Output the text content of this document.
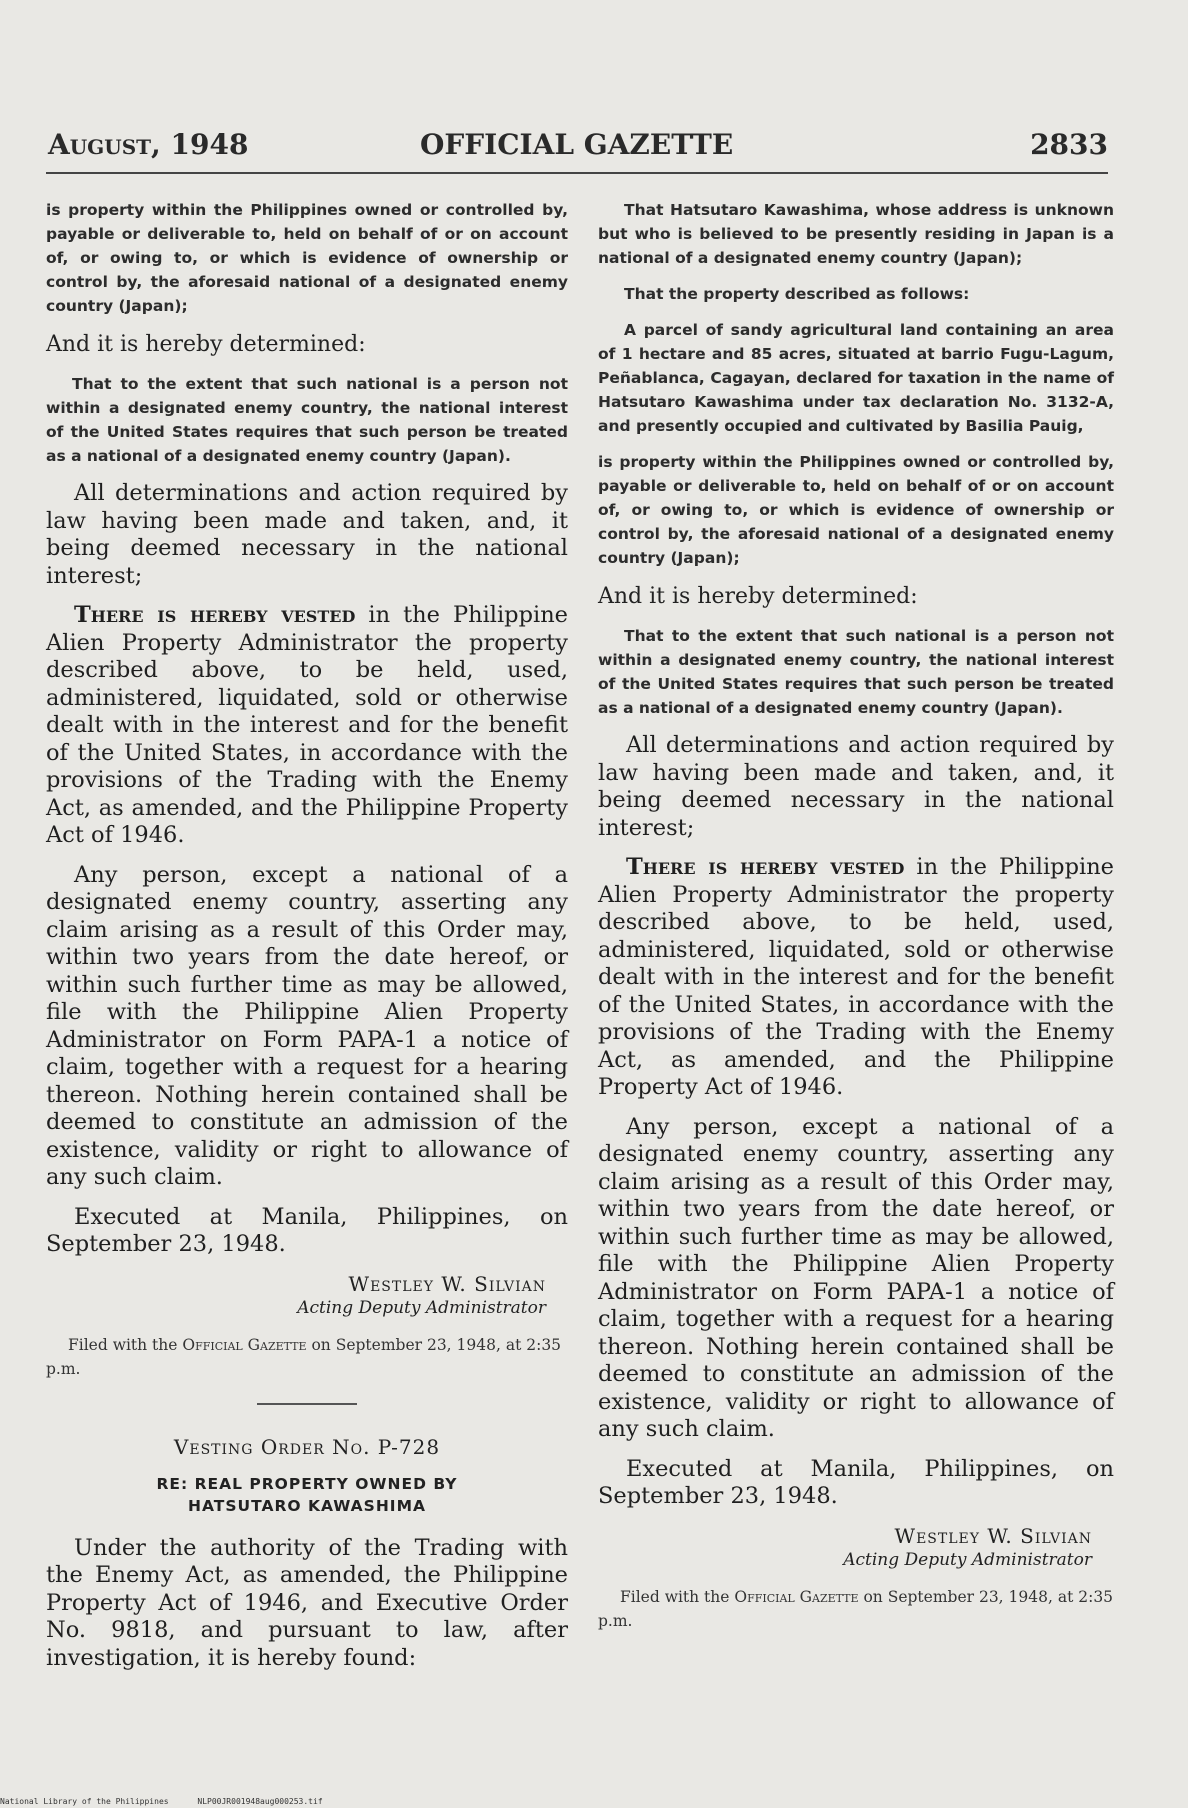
August, 1948	OFFICIAL GAZETTE	2833

is property within the Philippines owned or controlled by, payable or deliverable to, held on behalf of or on account of, or owing to, or which is evidence of ownership or control by, the aforesaid national of a designated enemy country (Japan);

And it is hereby determined:

That to the extent that such national is a person not within a designated enemy country, the national interest of the United States requires that such person be treated as a national of a designated enemy country (Japan).

All determinations and action required by law having been made and taken, and, it being deemed necessary in the national interest;

There is hereby vested in the Philippine Alien Property Administrator the property described above, to be held, used, administered, liquidated, sold or otherwise dealt with in the interest and for the benefit of the United States, in accordance with the provisions of the Trading with the Enemy Act, as amended, and the Philippine Property Act of 1946.

Any person, except a national of a designated enemy country, asserting any claim arising as a result of this Order may, within two years from the date hereof, or within such further time as may be allowed, file with the Philippine Alien Property Administrator on Form PAPA-1 a notice of claim, together with a request for a hearing thereon. Nothing herein contained shall be deemed to constitute an admission of the existence, validity or right to allowance of any such claim.

Executed at Manila, Philippines, on September 23, 1948.

Westley W. Silvian
Acting Deputy Administrator

Filed with the Official Gazette on September 23, 1948, at 2:35 p.m.

Vesting Order No. P-728
RE: REAL PROPERTY OWNED BY
HATSUTARO KAWASHIMA

Under the authority of the Trading with the Enemy Act, as amended, the Philippine Property Act of 1946, and Executive Order No. 9818, and pursuant to law, after investigation, it is hereby found:

That Hatsutaro Kawashima, whose address is unknown but who is believed to be presently residing in Japan is a national of a designated enemy country (Japan);

That the property described as follows:

A parcel of sandy agricultural land containing an area of 1 hectare and 85 acres, situated at barrio Fugu-Lagum, Peñablanca, Cagayan, declared for taxation in the name of Hatsutaro Kawashima under tax declaration No. 3132-A, and presently occupied and cultivated by Basilia Pauig,

is property within the Philippines owned or controlled by, payable or deliverable to, held on behalf of or on account of, or owing to, or which is evidence of ownership or control by, the aforesaid national of a designated enemy country (Japan);

And it is hereby determined:

That to the extent that such national is a person not within a designated enemy country, the national interest of the United States requires that such person be treated as a national of a designated enemy country (Japan).

All determinations and action required by law having been made and taken, and, it being deemed necessary in the national interest;

There is hereby vested in the Philippine Alien Property Administrator the property described above, to be held, used, administered, liquidated, sold or otherwise dealt with in the interest and for the benefit of the United States, in accordance with the provisions of the Trading with the Enemy Act, as amended, and the Philippine Property Act of 1946.

Any person, except a national of a designated enemy country, asserting any claim arising as a result of this Order may, within two years from the date hereof, or within such further time as may be allowed, file with the Philippine Alien Property Administrator on Form PAPA-1 a notice of claim, together with a request for a hearing thereon. Nothing herein contained shall be deemed to constitute an admission of the existence, validity or right to allowance of any such claim.

Executed at Manila, Philippines, on September 23, 1948.

Westley W. Silvian
Acting Deputy Administrator

Filed with the Official Gazette on September 23, 1948, at 2:35 p.m.

National Library of the Philippines	NLP00JR001948aug000253.tif
